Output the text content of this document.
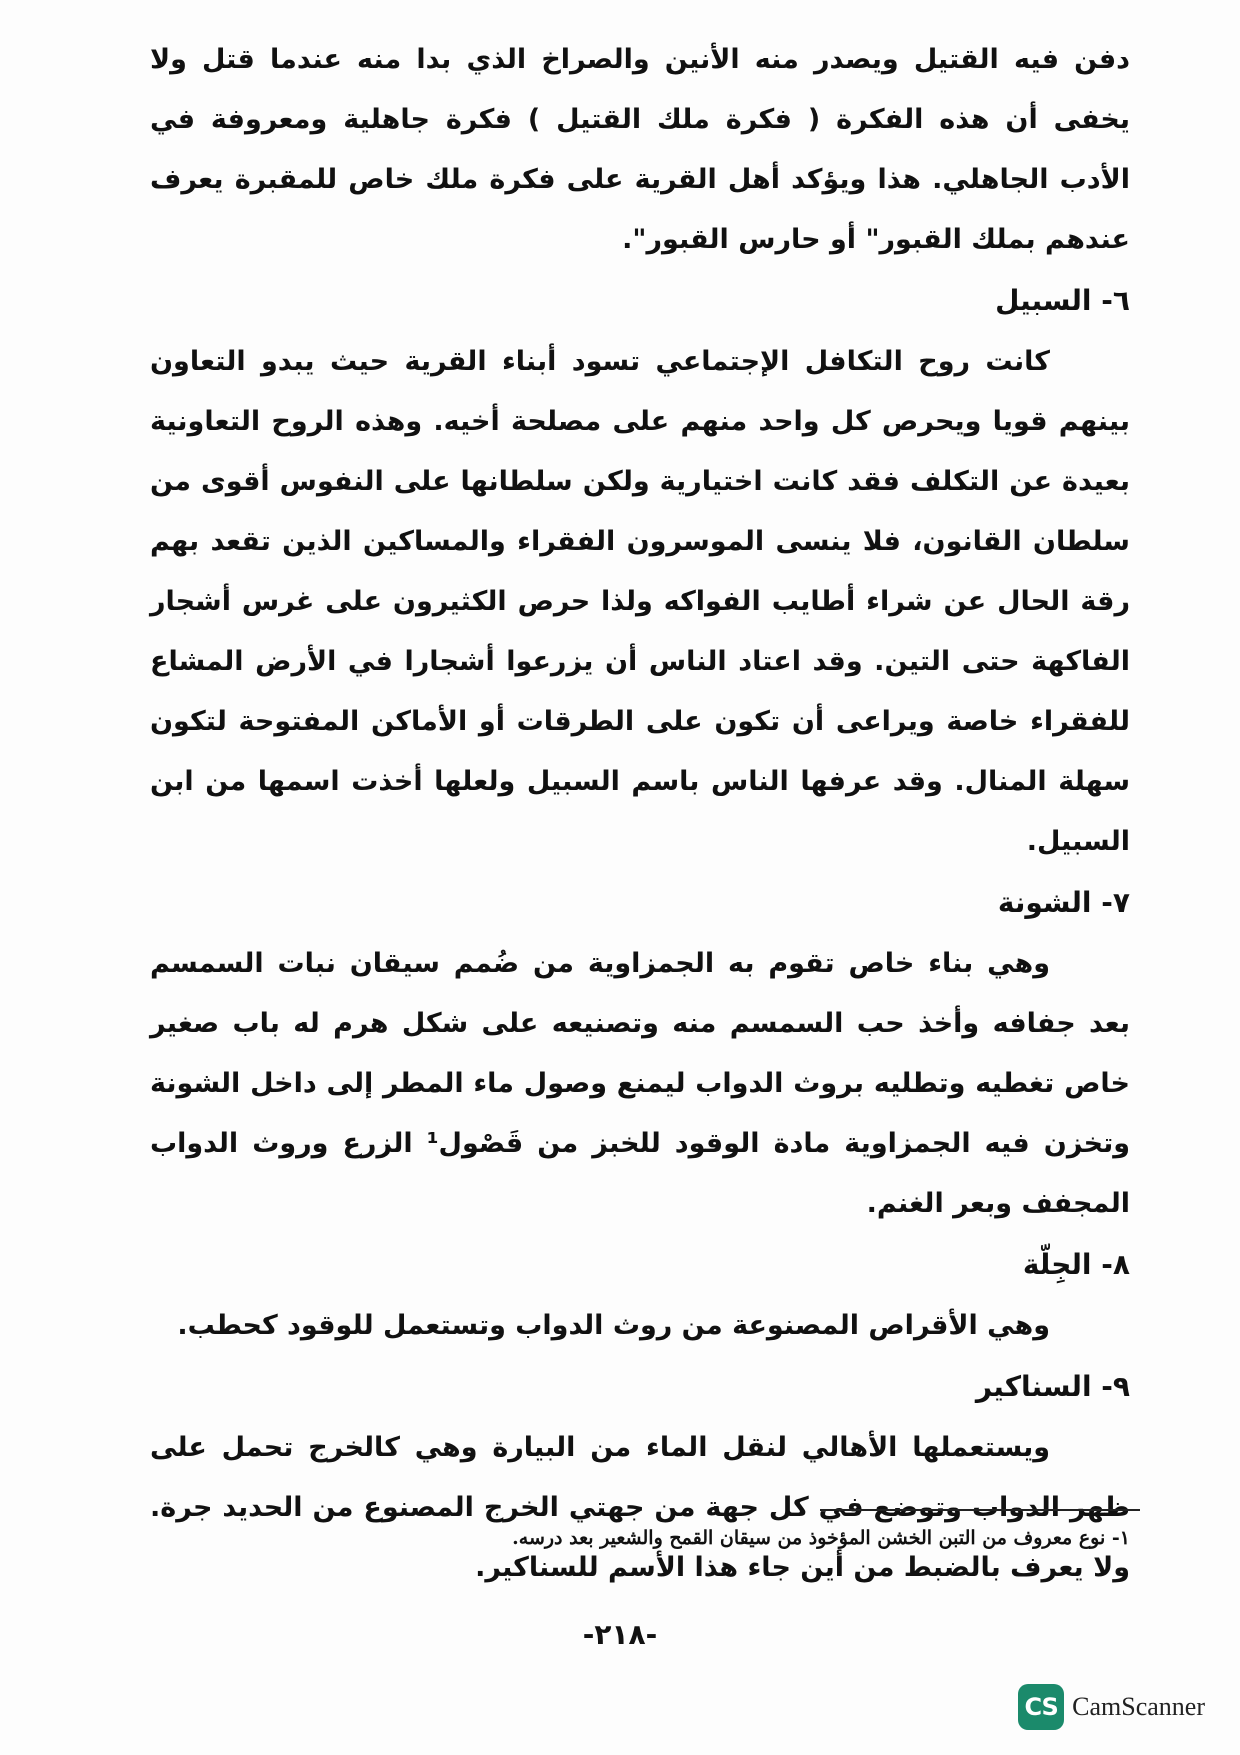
دفن فيه القتيل ويصدر منه الأنين والصراخ الذي بدا منه عندما قتل ولا يخفى أن هذه الفكرة ( فكرة ملك القتيل ) فكرة جاهلية ومعروفة في الأدب الجاهلي. هذا ويؤكد أهل القرية على فكرة ملك خاص للمقبرة يعرف عندهم بملك القبور" أو حارس القبور".

٦- السبيل

كانت روح التكافل الإجتماعي تسود أبناء القرية حيث يبدو التعاون بينهم قويا ويحرص كل واحد منهم على مصلحة أخيه. وهذه الروح التعاونية بعيدة عن التكلف فقد كانت اختيارية ولكن سلطانها على النفوس أقوى من سلطان القانون، فلا ينسى الموسرون الفقراء والمساكين الذين تقعد بهم رقة الحال عن شراء أطايب الفواكه ولذا حرص الكثيرون على غرس أشجار الفاكهة حتى التين. وقد اعتاد الناس أن يزرعوا أشجارا في الأرض المشاع للفقراء خاصة ويراعى أن تكون على الطرقات أو الأماكن المفتوحة لتكون سهلة المنال. وقد عرفها الناس باسم السبيل ولعلها أخذت اسمها من ابن السبيل.

٧- الشونة

وهي بناء خاص تقوم به الجمزاوية من ضُمم سيقان نبات السمسم بعد جفافه وأخذ حب السمسم منه وتصنيعه على شكل هرم له باب صغير خاص تغطيه وتطليه بروث الدواب ليمنع وصول ماء المطر إلى داخل الشونة وتخزن فيه الجمزاوية مادة الوقود للخبز من قَصْول¹ الزرع وروث الدواب المجفف وبعر الغنم.

٨- الجِلّة

وهي الأقراص المصنوعة من روث الدواب وتستعمل للوقود كحطب.

٩- السناكير

ويستعملها الأهالي لنقل الماء من البيارة وهي كالخرج تحمل على ظهر الدواب وتوضع في كل جهة من جهتي الخرج المصنوع من الحديد جرة. ولا يعرف بالضبط من أين جاء هذا الأسم للسناكير.

١- نوع معروف من التبن الخشن المؤخوذ من سيقان القمح والشعير بعد درسه.
-٢١٨-
CS CamScanner
